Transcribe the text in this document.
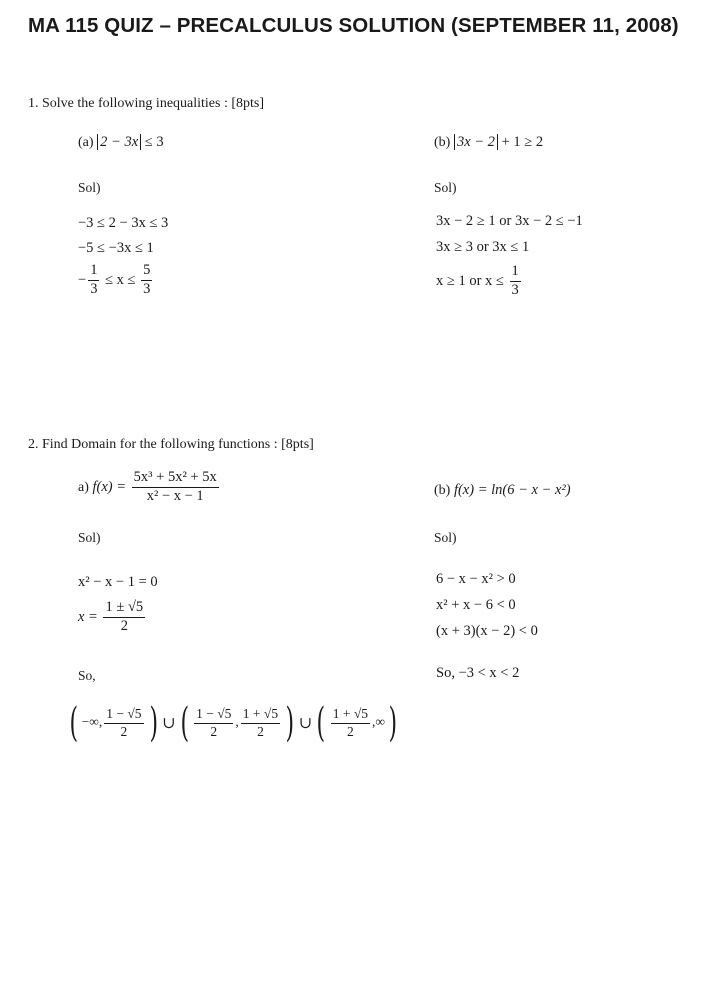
MA 115 QUIZ – PRECALCULUS SOLUTION (SEPTEMBER 11, 2008)
1. Solve the following inequalities : [8pts]
(a) 2 − 3x ≤ 3	(b) 3x − 2 + 1 ≥ 2
Sol)	Sol)
−3 ≤ 2 − 3x ≤ 3
−5 ≤ −3x ≤ 1
− $\frac{1}{3} \le x \le \frac{5}{3}$
3x − 2 ≥ 1 or 3x − 2 ≤ −1
3x ≥ 3 or 3x ≤ 1
x ≥ 1 or $x \le \frac{1}{3}$
2. Find Domain for the following functions : [8pts]
a) $f(x) = \frac{\text{5x³ + 5x² + 5x}}{\text{x² − x − 1}}$	(b) f(x) = ln(6 − x − x²)
Sol)	Sol)
x² − x − 1 = 0
$x = \frac{1 \pm √5}{2}$
6 − x − x² > 0
x² + x − 6 < 0
(x + 3)(x − 2) < 0
So,	So, −3 < x < 2
( −∞, $\frac{1 - √5}{2}$ ) ∪ ( $\frac{1 - √5}{2}$ , $\frac{1 + √5}{2}$ ) ∪ ( $\frac{1 + √5}{2}$ ,∞)
